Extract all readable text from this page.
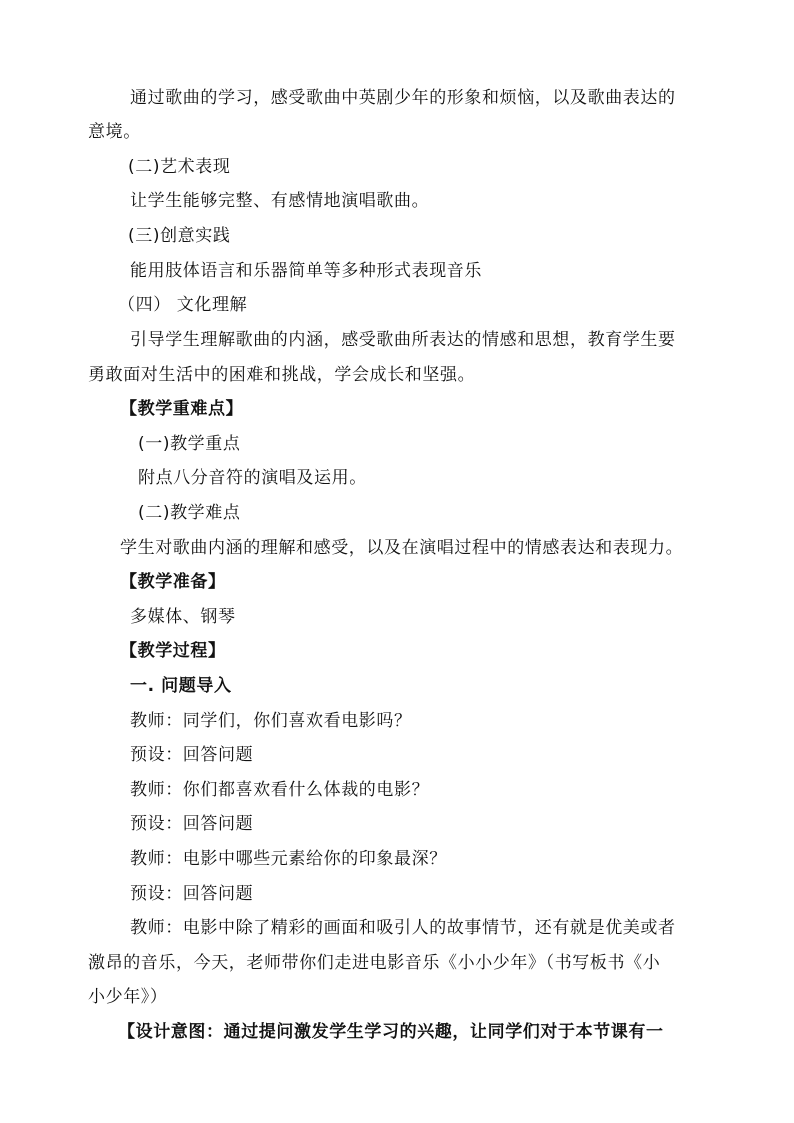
通过歌曲的学习，感受歌曲中英剧少年的形象和烦恼，以及歌曲表达的
意境。
(二)艺术表现
让学生能够完整、有感情地演唱歌曲。
(三)创意实践
能用肢体语言和乐器简单等多种形式表现音乐
（四） 文化理解
引导学生理解歌曲的内涵，感受歌曲所表达的情感和思想，教育学生要
勇敢面对生活中的困难和挑战，学会成长和坚强。
【教学重难点】
(一)教学重点
附点八分音符的演唱及运用。
(二)教学难点
学生对歌曲内涵的理解和感受，以及在演唱过程中的情感表达和表现力。
【教学准备】
多媒体、钢琴
【教学过程】
一. 问题导入
教师：同学们，你们喜欢看电影吗？
预设：回答问题
教师：你们都喜欢看什么体裁的电影？
预设：回答问题
教师：电影中哪些元素给你的印象最深？
预设：回答问题
教师：电影中除了精彩的画面和吸引人的故事情节，还有就是优美或者
激昂的音乐，今天，老师带你们走进电影音乐《小小少年》（书写板书《小
小少年》）
【设计意图：通过提问激发学生学习的兴趣，让同学们对于本节课有一
